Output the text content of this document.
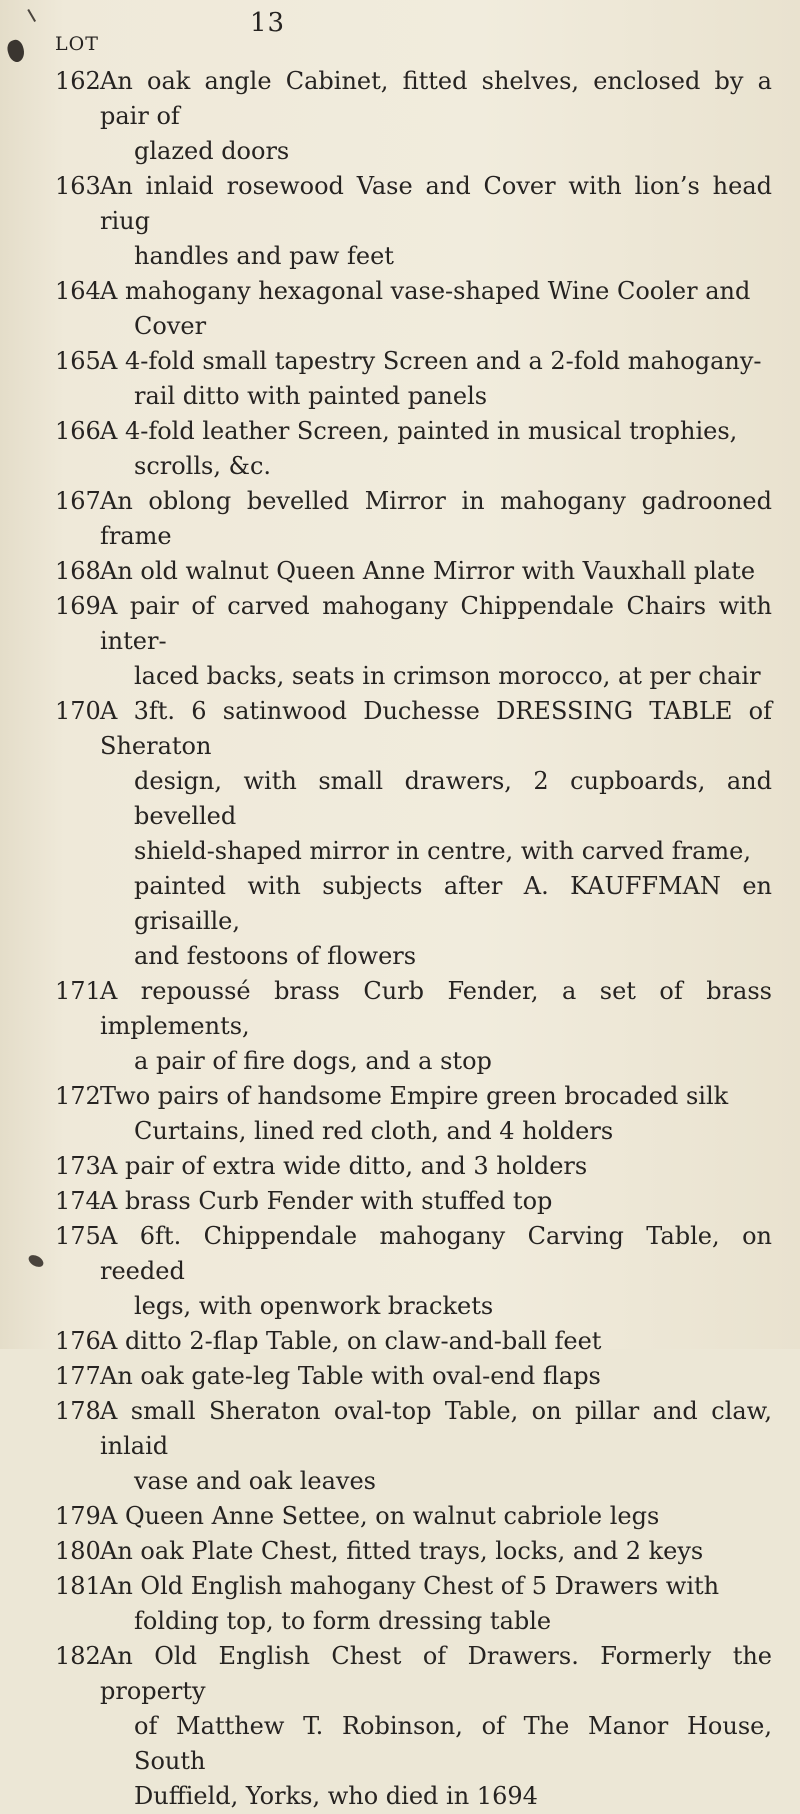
13
LOT
162 An oak angle Cabinet, fitted shelves, enclosed by a pair of
glazed doors
163 An inlaid rosewood Vase and Cover with lion’s head riug
handles and paw feet
164 A mahogany hexagonal vase-shaped Wine Cooler and
Cover
165 A 4-fold small tapestry Screen and a 2-fold mahogany-
rail ditto with painted panels
166 A 4-fold leather Screen, painted in musical trophies,
scrolls, &c.
167 An oblong bevelled Mirror in mahogany gadrooned frame
168 An old walnut Queen Anne Mirror with Vauxhall plate
169 A pair of carved mahogany Chippendale Chairs with inter-
laced backs, seats in crimson morocco, at per chair
170 A 3ft. 6 satinwood Duchesse DRESSING TABLE of Sheraton
design, with small drawers, 2 cupboards, and bevelled
shield-shaped mirror in centre, with carved frame,
painted with subjects after A. KAUFFMAN en grisaille,
and festoons of flowers
171 A repoussé brass Curb Fender, a set of brass implements,
a pair of fire dogs, and a stop
172 Two pairs of handsome Empire green brocaded silk
Curtains, lined red cloth, and 4 holders
173 A pair of extra wide ditto, and 3 holders
174 A brass Curb Fender with stuffed top
175 A 6ft. Chippendale mahogany Carving Table, on reeded
legs, with openwork brackets
176 A ditto 2-flap Table, on claw-and-ball feet
177 An oak gate-leg Table with oval-end flaps
178 A small Sheraton oval-top Table, on pillar and claw, inlaid
vase and oak leaves
179 A Queen Anne Settee, on walnut cabriole legs
180 An oak Plate Chest, fitted trays, locks, and 2 keys
181 An Old English mahogany Chest of 5 Drawers with
folding top, to form dressing table
182 An Old English Chest of Drawers. Formerly the property
of Matthew T. Robinson, of The Manor House, South
Duffield, Yorks, who died in 1694
